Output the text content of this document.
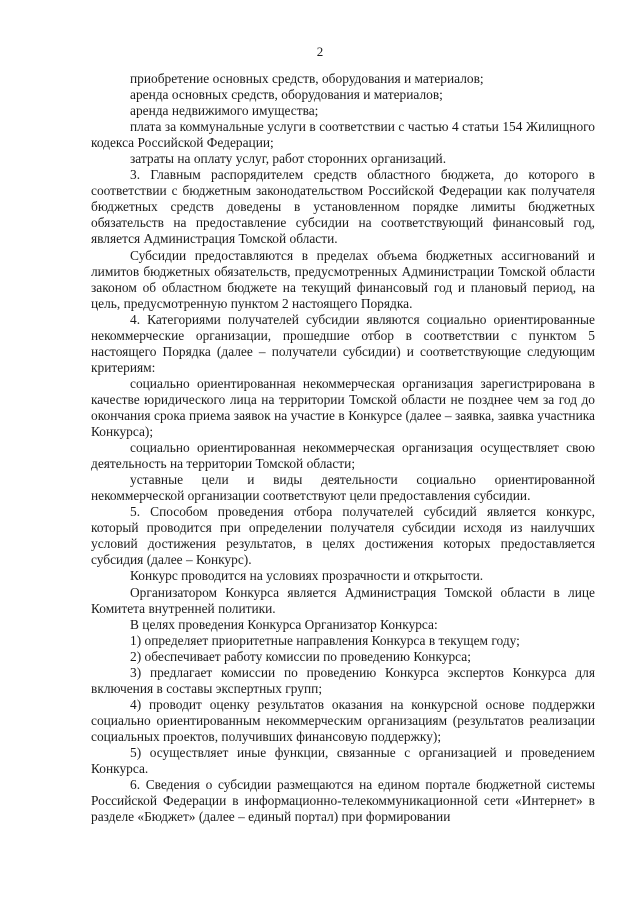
2

приобретение основных средств, оборудования и материалов;

аренда основных средств, оборудования и материалов;

аренда недвижимого имущества;

плата за коммунальные услуги в соответствии с частью 4 статьи 154 Жилищного кодекса Российской Федерации;

затраты на оплату услуг, работ сторонних организаций.

3. Главным распорядителем средств областного бюджета, до которого в соответствии с бюджетным законодательством Российской Федерации как получателя бюджетных средств доведены в установленном порядке лимиты бюджетных обязательств на предоставление субсидии на соответствующий финансовый год, является Администрация Томской области.

Субсидии предоставляются в пределах объема бюджетных ассигнований и лимитов бюджетных обязательств, предусмотренных Администрации Томской области законом об областном бюджете на текущий финансовый год и плановый период, на цель, предусмотренную пунктом 2 настоящего Порядка.

4. Категориями получателей субсидии являются социально ориентированные некоммерческие организации, прошедшие отбор в соответствии с пунктом 5 настоящего Порядка (далее – получатели субсидии) и соответствующие следующим критериям:

социально ориентированная некоммерческая организация зарегистрирована в качестве юридического лица на территории Томской области не позднее чем за год до окончания срока приема заявок на участие в Конкурсе (далее – заявка, заявка участника Конкурса);

социально ориентированная некоммерческая организация осуществляет свою деятельность на территории Томской области;

уставные цели и виды деятельности социально ориентированной некоммерческой организации соответствуют цели предоставления субсидии.

5. Способом проведения отбора получателей субсидий является конкурс, который проводится при определении получателя субсидии исходя из наилучших условий достижения результатов, в целях достижения которых предоставляется субсидия (далее – Конкурс).

Конкурс проводится на условиях прозрачности и открытости.

Организатором Конкурса является Администрация Томской области в лице Комитета внутренней политики.

В целях проведения Конкурса Организатор Конкурса:

1) определяет приоритетные направления Конкурса в текущем году;

2) обеспечивает работу комиссии по проведению Конкурса;

3) предлагает комиссии по проведению Конкурса экспертов Конкурса для включения в составы экспертных групп;

4) проводит оценку результатов оказания на конкурсной основе поддержки социально ориентированным некоммерческим организациям (результатов реализации социальных проектов, получивших финансовую поддержку);

5) осуществляет иные функции, связанные с организацией и проведением Конкурса.

6. Сведения о субсидии размещаются на едином портале бюджетной системы Российской Федерации в информационно-телекоммуникационной сети «Интернет» в разделе «Бюджет» (далее – единый портал) при формировании
